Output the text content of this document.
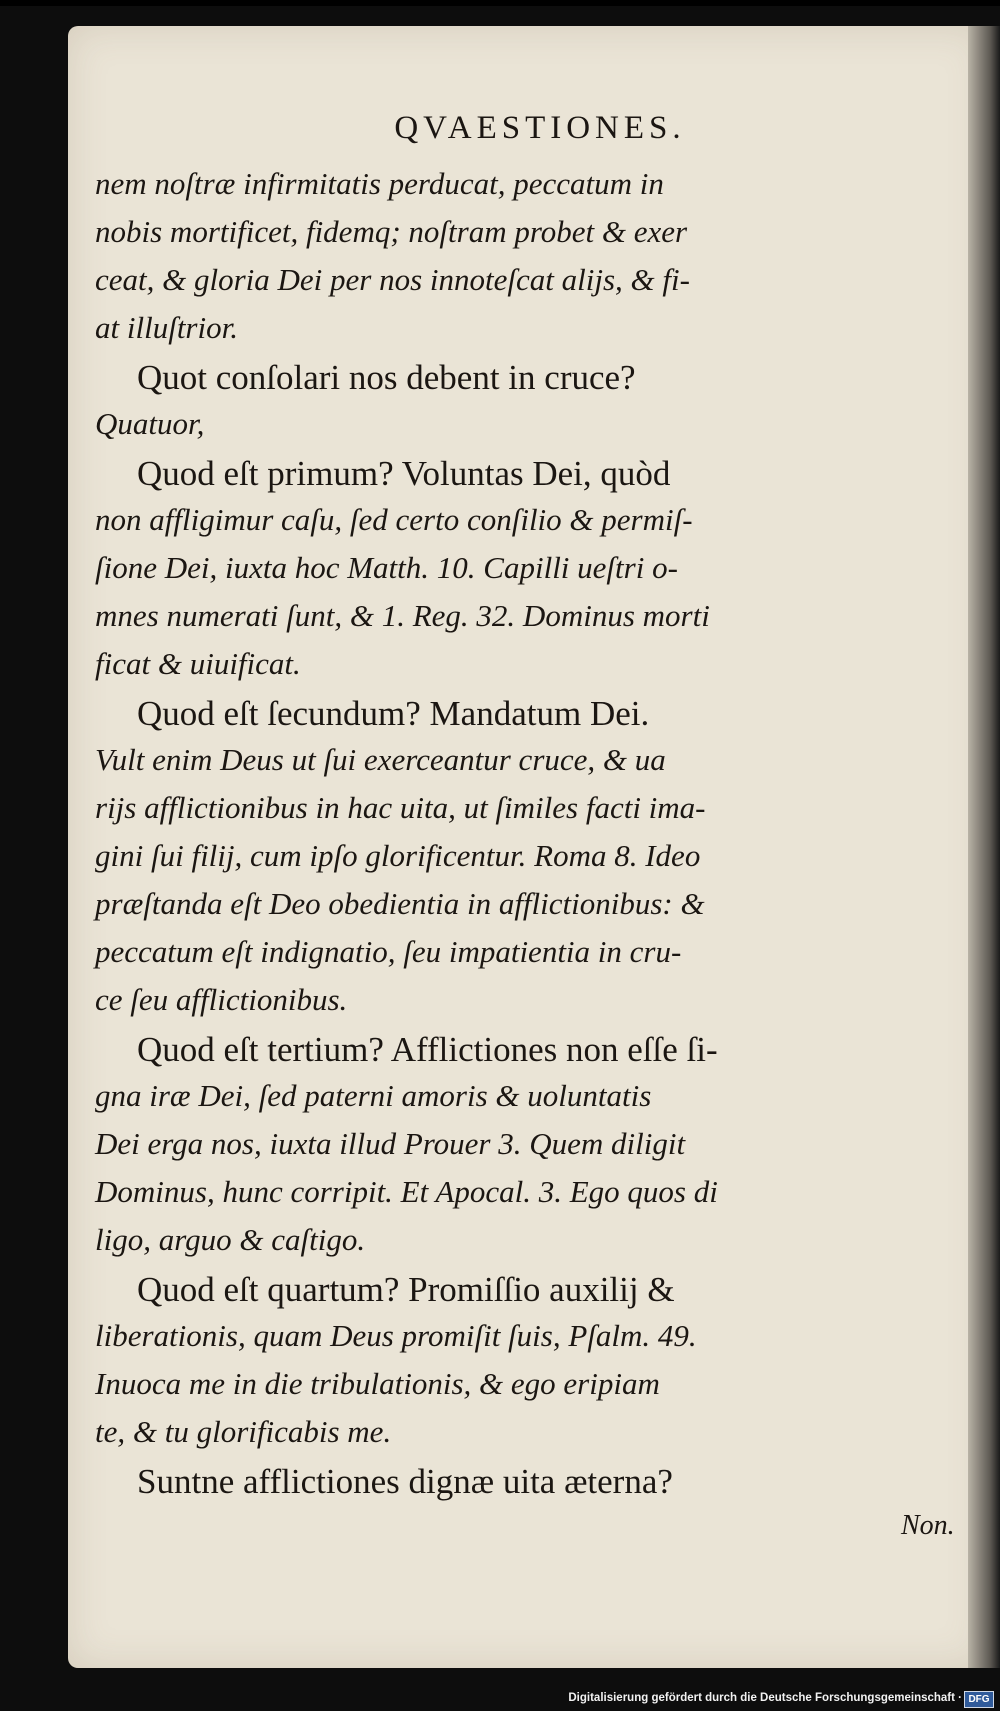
QVAESTIONES.
nem noſtræ infirmitatis perducat, peccatum in
nobis mortificet, fidemq; noſtram probet & exer
ceat, & gloria Dei per nos innoteſcat alijs, & fi-
at illuſtrior.
Quot conſolari nos debent in cruce?
Quatuor,
Quod eſt primum? Voluntas Dei, quòd
non affligimur caſu, ſed certo conſilio & permiſ-
ſione Dei, iuxta hoc Matth. 10. Capilli ueſtri o-
mnes numerati ſunt, & 1. Reg. 32. Dominus morti
ficat & uiuificat.
Quod eſt ſecundum? Mandatum Dei.
Vult enim Deus ut ſui exerceantur cruce, & ua
rijs afflictionibus in hac uita, ut ſimiles facti ima-
gini ſui filij, cum ipſo glorificentur. Roma 8. Ideo
præſtanda eſt Deo obedientia in afflictionibus: &
peccatum eſt indignatio, ſeu impatientia in cru-
ce ſeu afflictionibus.
Quod eſt tertium? Afflictiones non eſſe ſi-
gna iræ Dei, ſed paterni amoris & uoluntatis
Dei erga nos, iuxta illud Prouer 3. Quem diligit
Dominus, hunc corripit. Et Apocal. 3. Ego quos di
ligo, arguo & caſtigo.
Quod eſt quartum? Promiſſio auxilij &
liberationis, quam Deus promiſit ſuis, Pſalm. 49.
Inuoca me in die tribulationis, & ego eripiam
te, & tu glorificabis me.
Suntne afflictiones dignæ uita æterna?
Non.
Digitalisierung gefördert durch die Deutsche Forschungsgemeinschaft · DFG
